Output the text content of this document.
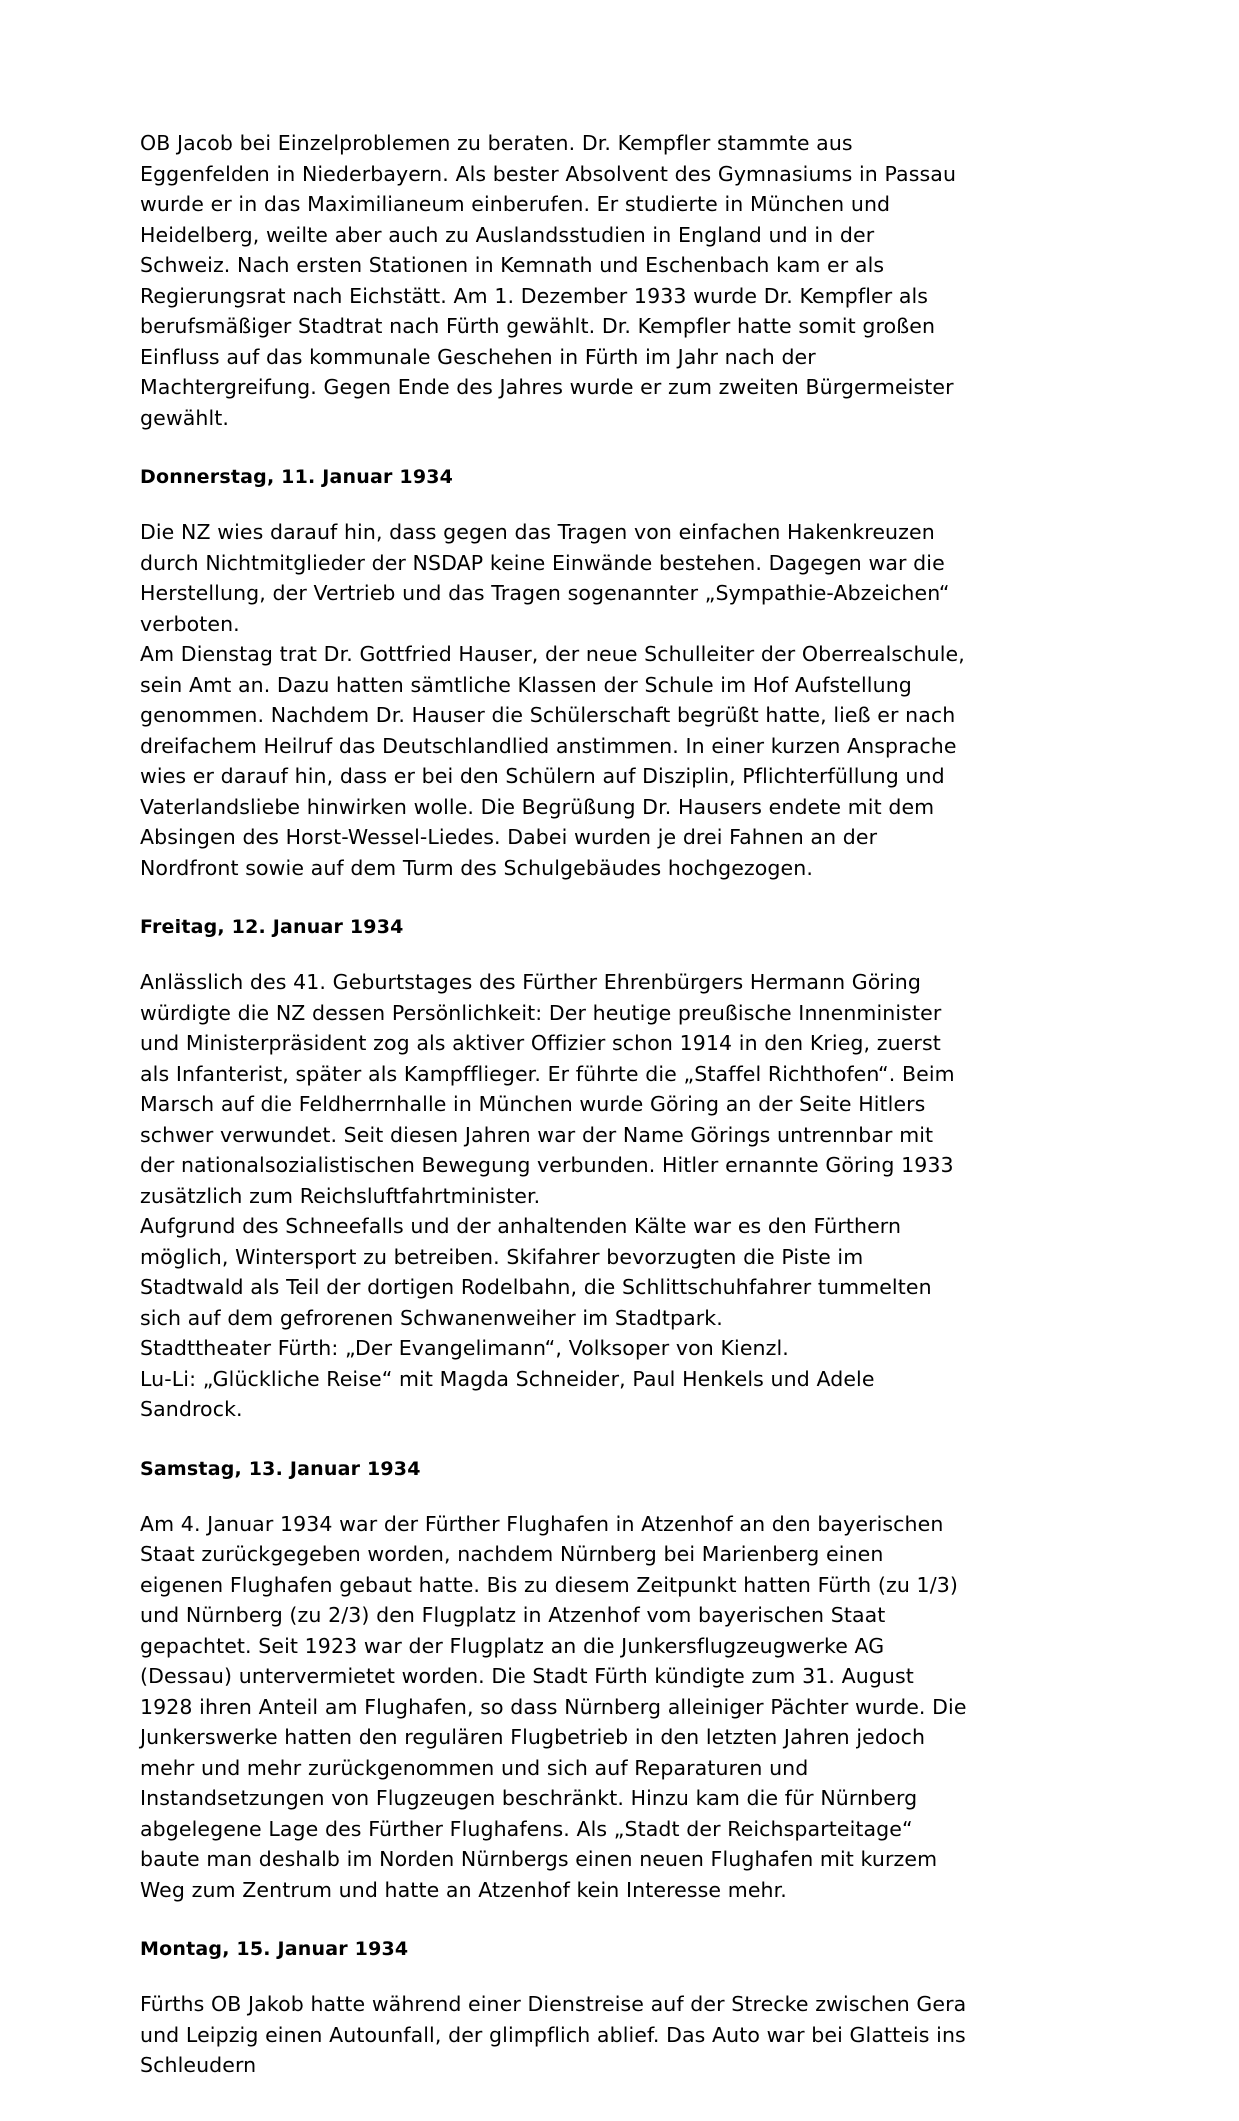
OB Jacob bei Einzelproblemen zu beraten. Dr. Kempfler stammte aus Eggenfelden in Niederbayern. Als bester Absolvent des Gymnasiums in Passau wurde er in das Maximilianeum einberufen. Er studierte in München und Heidelberg, weilte aber auch zu Auslandsstudien in England und in der Schweiz. Nach ersten Stationen in Kemnath und Eschenbach kam er als Regierungsrat nach Eichstätt. Am 1. Dezember 1933 wurde Dr. Kempfler als berufsmäßiger Stadtrat nach Fürth gewählt. Dr. Kempfler hatte somit großen Einfluss auf das kommunale Geschehen in Fürth im Jahr nach der Machtergreifung. Gegen Ende des Jahres wurde er zum zweiten Bürgermeister gewählt.

Donnerstag, 11. Januar 1934

Die NZ wies darauf hin, dass gegen das Tragen von einfachen Hakenkreuzen durch Nichtmitglieder der NSDAP keine Einwände bestehen. Dagegen war die Herstellung, der Vertrieb und das Tragen sogenannter „Sympathie-Abzeichen“ verboten.
Am Dienstag trat Dr. Gottfried Hauser, der neue Schulleiter der Oberrealschule, sein Amt an. Dazu hatten sämtliche Klassen der Schule im Hof Aufstellung genommen. Nachdem Dr. Hauser die Schülerschaft begrüßt hatte, ließ er nach dreifachem Heilruf das Deutschlandlied anstimmen. In einer kurzen Ansprache wies er darauf hin, dass er bei den Schülern auf Disziplin, Pflichterfüllung und Vaterlandsliebe hinwirken wolle. Die Begrüßung Dr. Hausers endete mit dem Absingen des Horst-Wessel-Liedes. Dabei wurden je drei Fahnen an der Nordfront sowie auf dem Turm des Schulgebäudes hochgezogen.

Freitag, 12. Januar 1934

Anlässlich des 41. Geburtstages des Fürther Ehrenbürgers Hermann Göring würdigte die NZ dessen Persönlichkeit: Der heutige preußische Innenminister und Ministerpräsident zog als aktiver Offizier schon 1914 in den Krieg, zuerst als Infanterist, später als Kampfflieger. Er führte die „Staffel Richthofen“. Beim Marsch auf die Feldherrnhalle in München wurde Göring an der Seite Hitlers schwer verwundet. Seit diesen Jahren war der Name Görings untrennbar mit der nationalsozialistischen Bewegung verbunden. Hitler ernannte Göring 1933 zusätzlich zum Reichsluftfahrtminister.
Aufgrund des Schneefalls und der anhaltenden Kälte war es den Fürthern möglich, Wintersport zu betreiben. Skifahrer bevorzugten die Piste im Stadtwald als Teil der dortigen Rodelbahn, die Schlittschuhfahrer tummelten sich auf dem gefrorenen Schwanenweiher im Stadtpark.
Stadttheater Fürth: „Der Evangelimann“, Volksoper von Kienzl.
Lu-Li: „Glückliche Reise“ mit Magda Schneider, Paul Henkels und Adele Sandrock.

Samstag, 13. Januar 1934

Am 4. Januar 1934 war der Fürther Flughafen in Atzenhof an den bayerischen Staat zurückgegeben worden, nachdem Nürnberg bei Marienberg einen eigenen Flughafen gebaut hatte. Bis zu diesem Zeitpunkt hatten Fürth (zu 1/3) und Nürnberg (zu 2/3) den Flugplatz in Atzenhof vom bayerischen Staat gepachtet. Seit 1923 war der Flugplatz an die Junkersflugzeugwerke AG (Dessau) untervermietet worden. Die Stadt Fürth kündigte zum 31. August 1928 ihren Anteil am Flughafen, so dass Nürnberg alleiniger Pächter wurde. Die Junkerswerke hatten den regulären Flugbetrieb in den letzten Jahren jedoch mehr und mehr zurückgenommen und sich auf Reparaturen und Instandsetzungen von Flugzeugen beschränkt. Hinzu kam die für Nürnberg abgelegene Lage des Fürther Flughafens. Als „Stadt der Reichsparteitage“ baute man deshalb im Norden Nürnbergs einen neuen Flughafen mit kurzem Weg zum Zentrum und hatte an Atzenhof kein Interesse mehr.

Montag, 15. Januar 1934

Fürths OB Jakob hatte während einer Dienstreise auf der Strecke zwischen Gera und Leipzig einen Autounfall, der glimpflich ablief. Das Auto war bei Glatteis ins Schleudern
